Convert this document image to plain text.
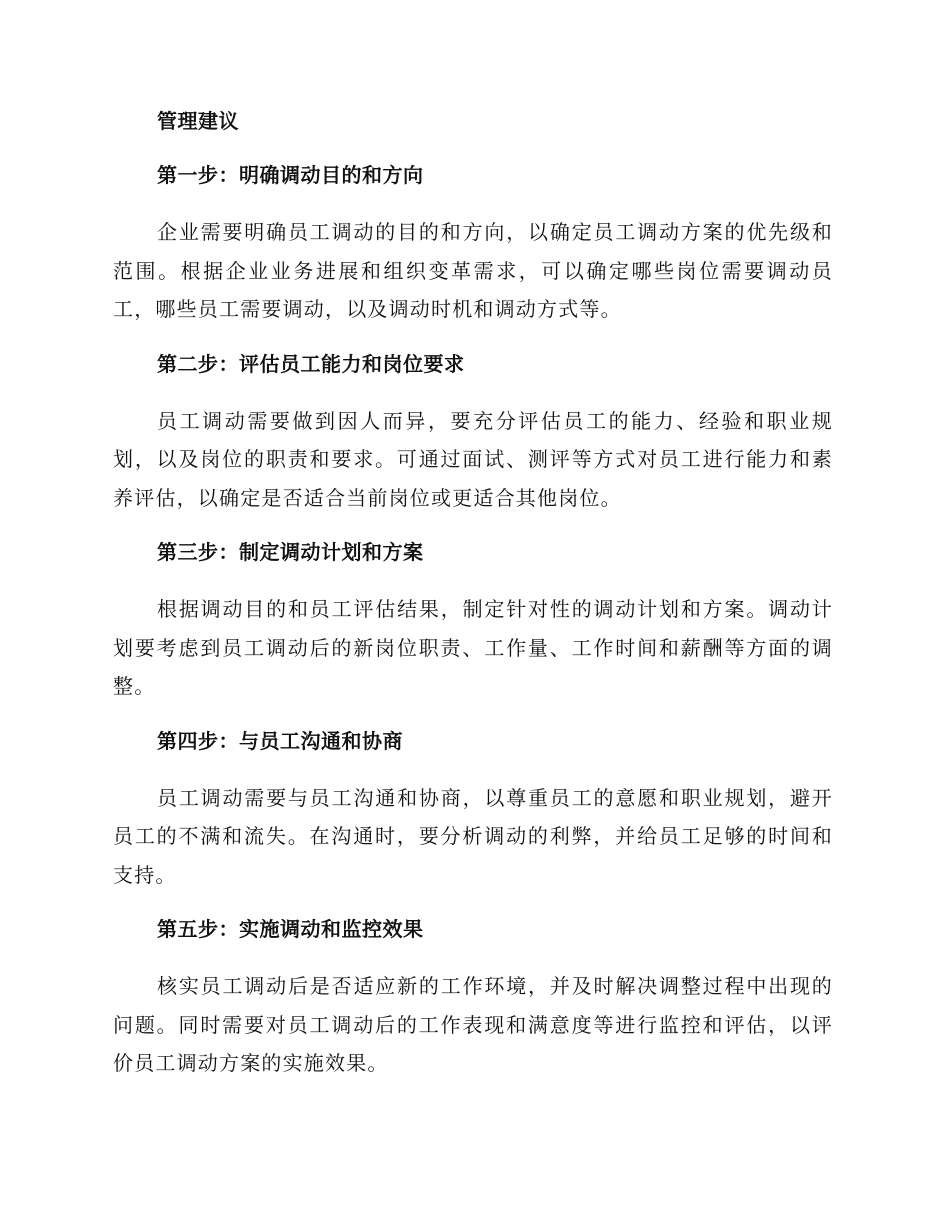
管理建议
第一步：明确调动目的和方向

企业需要明确员工调动的目的和方向，以确定员工调动方案的优先级和范围。根据企业业务进展和组织变革需求，可以确定哪些岗位需要调动员工，哪些员工需要调动，以及调动时机和调动方式等。

第二步：评估员工能力和岗位要求

员工调动需要做到因人而异，要充分评估员工的能力、经验和职业规划，以及岗位的职责和要求。可通过面试、测评等方式对员工进行能力和素养评估，以确定是否适合当前岗位或更适合其他岗位。

第三步：制定调动计划和方案

根据调动目的和员工评估结果，制定针对性的调动计划和方案。调动计划要考虑到员工调动后的新岗位职责、工作量、工作时间和薪酬等方面的调整。

第四步：与员工沟通和协商

员工调动需要与员工沟通和协商，以尊重员工的意愿和职业规划，避开员工的不满和流失。在沟通时，要分析调动的利弊，并给员工足够的时间和支持。

第五步：实施调动和监控效果

核实员工调动后是否适应新的工作环境，并及时解决调整过程中出现的问题。同时需要对员工调动后的工作表现和满意度等进行监控和评估，以评价员工调动方案的实施效果。
